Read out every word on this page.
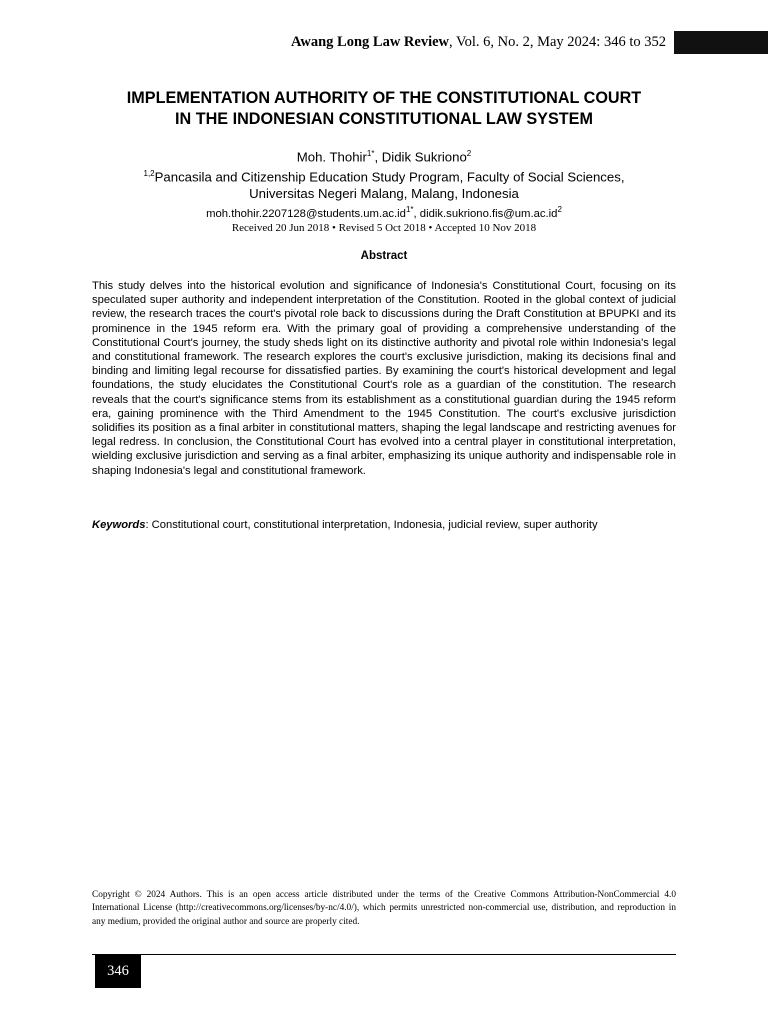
Awang Long Law Review, Vol. 6, No. 2, May 2024: 346 to 352
IMPLEMENTATION AUTHORITY OF THE CONSTITUTIONAL COURT
IN THE INDONESIAN CONSTITUTIONAL LAW SYSTEM
Moh. Thohir$^{1*}$, Didik Sukriono$^2$
$^{1,2}$Pancasila and Citizenship Education Study Program, Faculty of Social Sciences,
Universitas Negeri Malang, Malang, Indonesia
$moh.thohir.2207128@students.um.ac.id^{1*}$, $didik.sukriono.fis@um.ac.id^2$
Received 20 Jun 2018 • Revised 5 Oct 2018 • Accepted 10 Nov 2018
Abstract
This study delves into the historical evolution and significance of Indonesia's Constitutional Court, focusing on its speculated super authority and independent interpretation of the Constitution. Rooted in the global context of judicial review, the research traces the court's pivotal role back to discussions during the Draft Constitution at BPUPKI and its prominence in the 1945 reform era. With the primary goal of providing a comprehensive understanding of the Constitutional Court's journey, the study sheds light on its distinctive authority and pivotal role within Indonesia's legal and constitutional framework. The research explores the court's exclusive jurisdiction, making its decisions final and binding and limiting legal recourse for dissatisfied parties. By examining the court's historical development and legal foundations, the study elucidates the Constitutional Court's role as a guardian of the constitution. The research reveals that the court's significance stems from its establishment as a constitutional guardian during the 1945 reform era, gaining prominence with the Third Amendment to the 1945 Constitution. The court's exclusive jurisdiction solidifies its position as a final arbiter in constitutional matters, shaping the legal landscape and restricting avenues for legal redress. In conclusion, the Constitutional Court has evolved into a central player in constitutional interpretation, wielding exclusive jurisdiction and serving as a final arbiter, emphasizing its unique authority and indispensable role in shaping Indonesia's legal and constitutional framework.
Keywords: Constitutional court, constitutional interpretation, Indonesia, judicial review, super authority
Copyright © 2024 Authors. This is an open access article distributed under the terms of the Creative Commons Attribution-NonCommercial 4.0 International License (http://creativecommons.org/licenses/by-nc/4.0/), which permits unrestricted non-commercial use, distribution, and reproduction in any medium, provided the original author and source are properly cited.
346
